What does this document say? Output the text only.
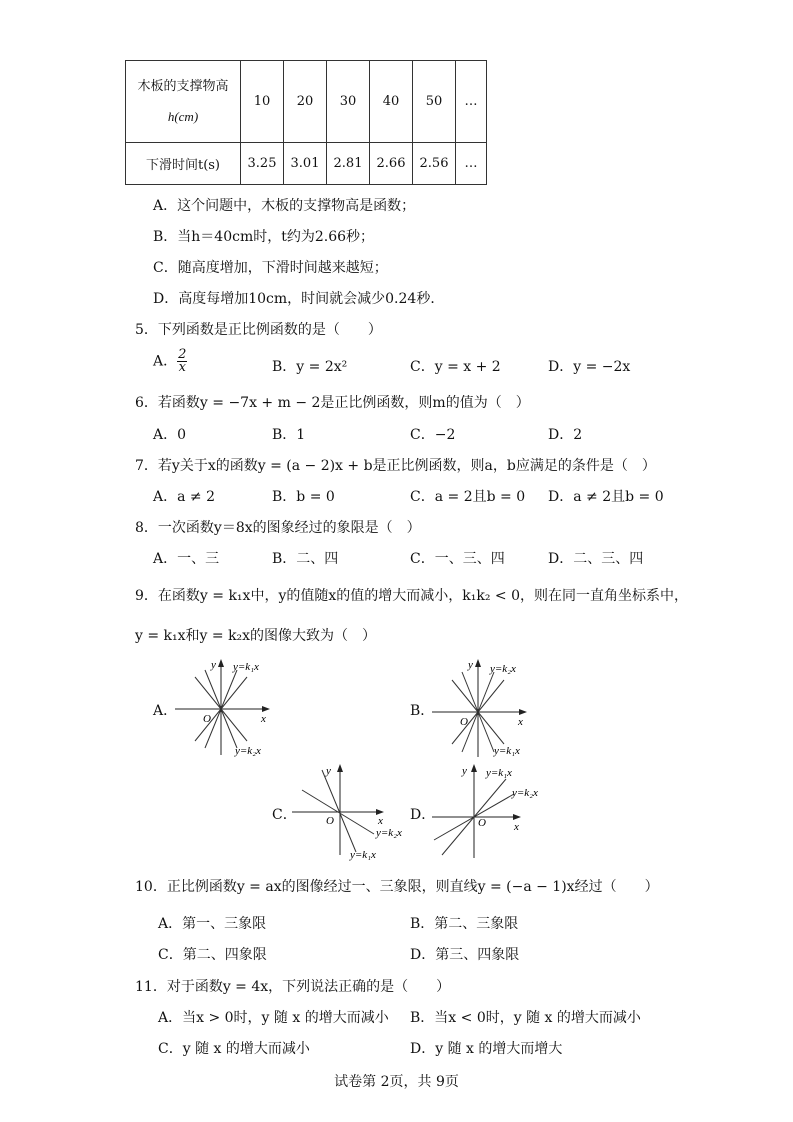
木板的支撑物高
h(cm)	10	20	30	40	50	…
下滑时间t(s)	3.25	3.01	2.81	2.66	2.56	…
A．这个问题中，木板的支撑物高是函数；
B．当h＝40cm时，t约为2.66秒；
C．随高度增加，下滑时间越来越短；
D．高度每增加10cm，时间就会减少0.24秒．
5．下列函数是正比例函数的是（　　）
A． $\frac{2}{x}$	B．y = 2x²	C．y = x + 2	D．y = −2x
6．若函数y = −7x + m − 2是正比例函数，则m的值为（　）
A．0	B．1	C．−2	D．2
7．若y关于x的函数y = (a − 2)x + b是正比例函数，则a，b应满足的条件是（　）
A．a ≠ 2	B．b = 0	C．a = 2且b = 0 D．a ≠ 2且b = 0
8．一次函数y＝8x的图象经过的象限是（　）
A．一、三	B．二、四	C．一、三、四	D．二、三、四
9．在函数y = k₁x中，y的值随x的值的增大而减小，k₁k₂ < 0，则在同一直角坐标系中，
y = k₁x和y = k₂x的图像大致为（　）
A．
y
x
O
y=k₁x
y=k₂x
B．
y
x
O
y=k₂x
y=k₁x
C．
y
x
O
y=k₂x
y=k₁x
D．
y
x
O
y=k₁x
y=k₂x
10．正比例函数y = ax的图像经过一、三象限，则直线y = (−a − 1)x经过（　　）
A．第一、三象限	B．第二、三象限
C．第二、四象限	D．第三、四象限
11．对于函数y = 4x，下列说法正确的是（　　）
A．当x > 0时，y 随 x 的增大而减小 B．当x < 0时，y 随 x 的增大而减小
C．y 随 x 的增大而减小	D．y 随 x 的增大而增大
试卷第 2页，共 9页
